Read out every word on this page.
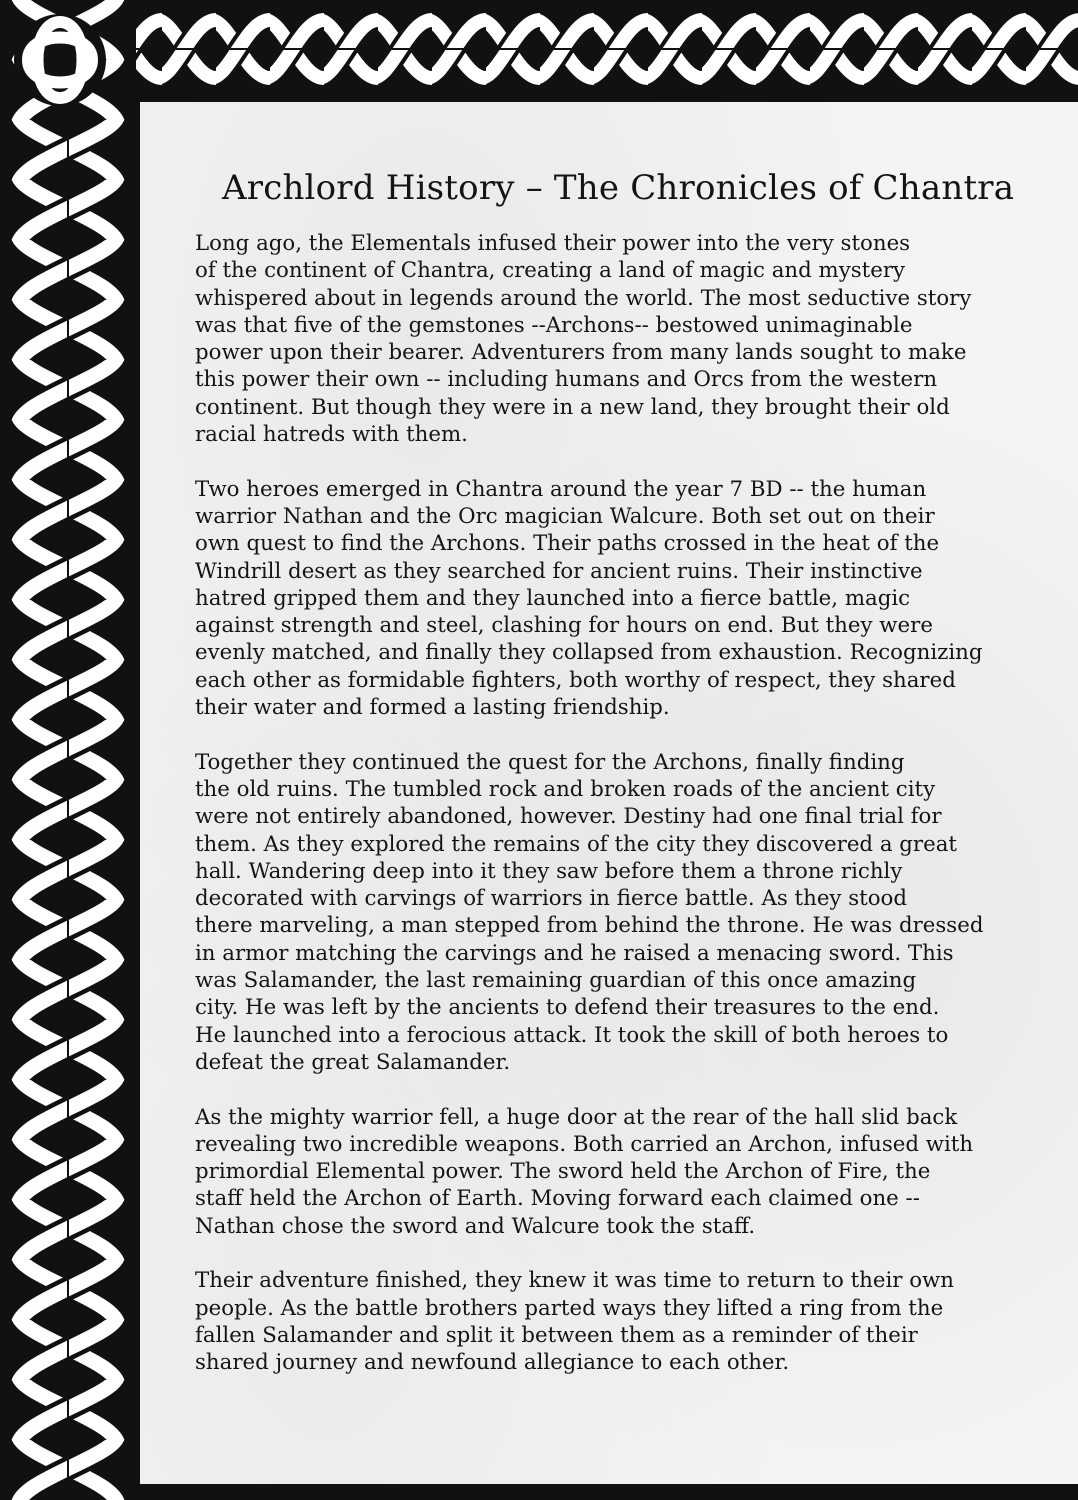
Archlord History – The Chronicles of Chantra

Long ago, the Elementals infused their power into the very stones
of the continent of Chantra, creating a land of magic and mystery
whispered about in legends around the world. The most seductive story
was that five of the gemstones --Archons-- bestowed unimaginable
power upon their bearer. Adventurers from many lands sought to make
this power their own -- including humans and Orcs from the western
continent. But though they were in a new land, they brought their old
racial hatreds with them.

Two heroes emerged in Chantra around the year 7 BD -- the human
warrior Nathan and the Orc magician Walcure. Both set out on their
own quest to find the Archons. Their paths crossed in the heat of the
Windrill desert as they searched for ancient ruins. Their instinctive
hatred gripped them and they launched into a fierce battle, magic
against strength and steel, clashing for hours on end. But they were
evenly matched, and finally they collapsed from exhaustion. Recognizing
each other as formidable fighters, both worthy of respect, they shared
their water and formed a lasting friendship.

Together they continued the quest for the Archons, finally finding
the old ruins. The tumbled rock and broken roads of the ancient city
were not entirely abandoned, however. Destiny had one final trial for
them. As they explored the remains of the city they discovered a great
hall. Wandering deep into it they saw before them a throne richly
decorated with carvings of warriors in fierce battle. As they stood
there marveling, a man stepped from behind the throne. He was dressed
in armor matching the carvings and he raised a menacing sword. This
was Salamander, the last remaining guardian of this once amazing
city. He was left by the ancients to defend their treasures to the end.
He launched into a ferocious attack. It took the skill of both heroes to
defeat the great Salamander.

As the mighty warrior fell, a huge door at the rear of the hall slid back
revealing two incredible weapons. Both carried an Archon, infused with
primordial Elemental power. The sword held the Archon of Fire, the
staff held the Archon of Earth. Moving forward each claimed one --
Nathan chose the sword and Walcure took the staff.

Their adventure finished, they knew it was time to return to their own
people. As the battle brothers parted ways they lifted a ring from the
fallen Salamander and split it between them as a reminder of their
shared journey and newfound allegiance to each other.
